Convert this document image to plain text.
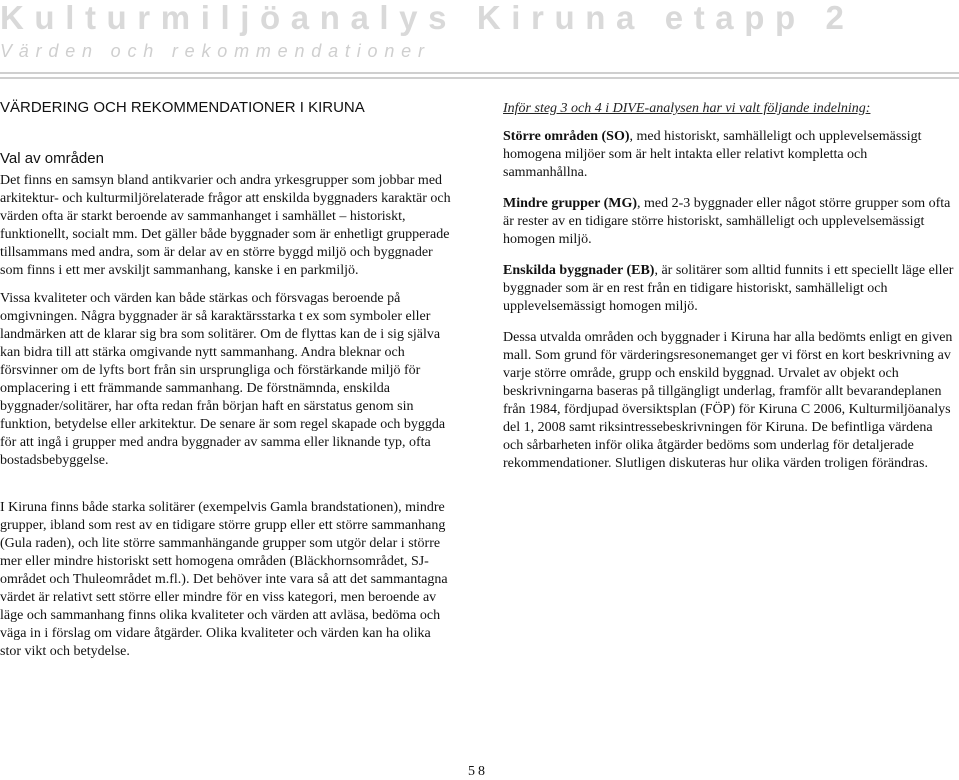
Kulturmiljöanalys Kiruna etapp 2
Värden och rekommendationer
VÄRDERING OCH REKOMMENDATIONER I KIRUNA
Val av områden

Det finns en samsyn bland antikvarier och andra yrkesgrupper som jobbar med arkitektur- och kulturmiljörelaterade frågor att enskilda byggnaders karaktär och värden ofta är starkt beroende av sammanhanget i samhället – historiskt, funktionellt, socialt mm. Det gäller både byggnader som är enhetligt grupperade tillsammans med andra, som är delar av en större byggd miljö och byggnader som finns i ett mer avskiljt sammanhang, kanske i en parkmiljö.

Vissa kvaliteter och värden kan både stärkas och försvagas beroende på omgivningen. Några byggnader är så karaktärsstarka t ex som symboler eller landmärken att de klarar sig bra som solitärer. Om de flyttas kan de i sig själva kan bidra till att stärka omgivande nytt sammanhang. Andra bleknar och försvinner om de lyfts bort från sin ursprungliga och förstärkande miljö för omplacering i ett främmande sammanhang. De förstnämnda, enskilda byggnader/solitärer, har ofta redan från början haft en särstatus genom sin funktion, betydelse eller arkitektur. De senare är som regel skapade och byggda för att ingå i grupper med andra byggnader av samma eller liknande typ, ofta bostadsbebyggelse.

I Kiruna finns både starka solitärer (exempelvis Gamla brandstationen), mindre grupper, ibland som rest av en tidigare större grupp eller ett större sammanhang (Gula raden), och lite större sammanhängande grupper som utgör delar i större mer eller mindre historiskt sett homogena områden (Bläckhornsområdet, SJ-området och Thuleområdet m.fl.). Det behöver inte vara så att det sammantagna värdet är relativt sett större eller mindre för en viss kategori, men beroende av läge och sammanhang finns olika kvaliteter och värden att avläsa, bedöma och väga in i förslag om vidare åtgärder. Olika kvaliteter och värden kan ha olika stor vikt och betydelse.

Inför steg 3 och 4 i DIVE-analysen har vi valt följande indelning:

Större områden (SO), med historiskt, samhälleligt och upplevelsemässigt homogena miljöer som är helt intakta eller relativt kompletta och sammanhållna.

Mindre grupper (MG), med 2-3 byggnader eller något större grupper som ofta är rester av en tidigare större historiskt, samhälleligt och upplevelsemässigt homogen miljö.

Enskilda byggnader (EB), är solitärer som alltid funnits i ett speciellt läge eller byggnader som är en rest från en tidigare historiskt, samhälleligt och upplevelsemässigt homogen miljö.

Dessa utvalda områden och byggnader i Kiruna har alla bedömts enligt en given mall. Som grund för värderingsresonemanget ger vi först en kort beskrivning av varje större område, grupp och enskild byggnad. Urvalet av objekt och beskrivningarna baseras på tillgängligt underlag, framför allt bevarandeplanen från 1984, fördjupad översiktsplan (FÖP) för Kiruna C 2006, Kulturmiljöanalys del 1, 2008 samt riksintressebeskrivningen för Kiruna. De befintliga värdena och sårbarheten inför olika åtgärder bedöms som underlag för detaljerade rekommendationer. Slutligen diskuteras hur olika värden troligen förändras.

58
